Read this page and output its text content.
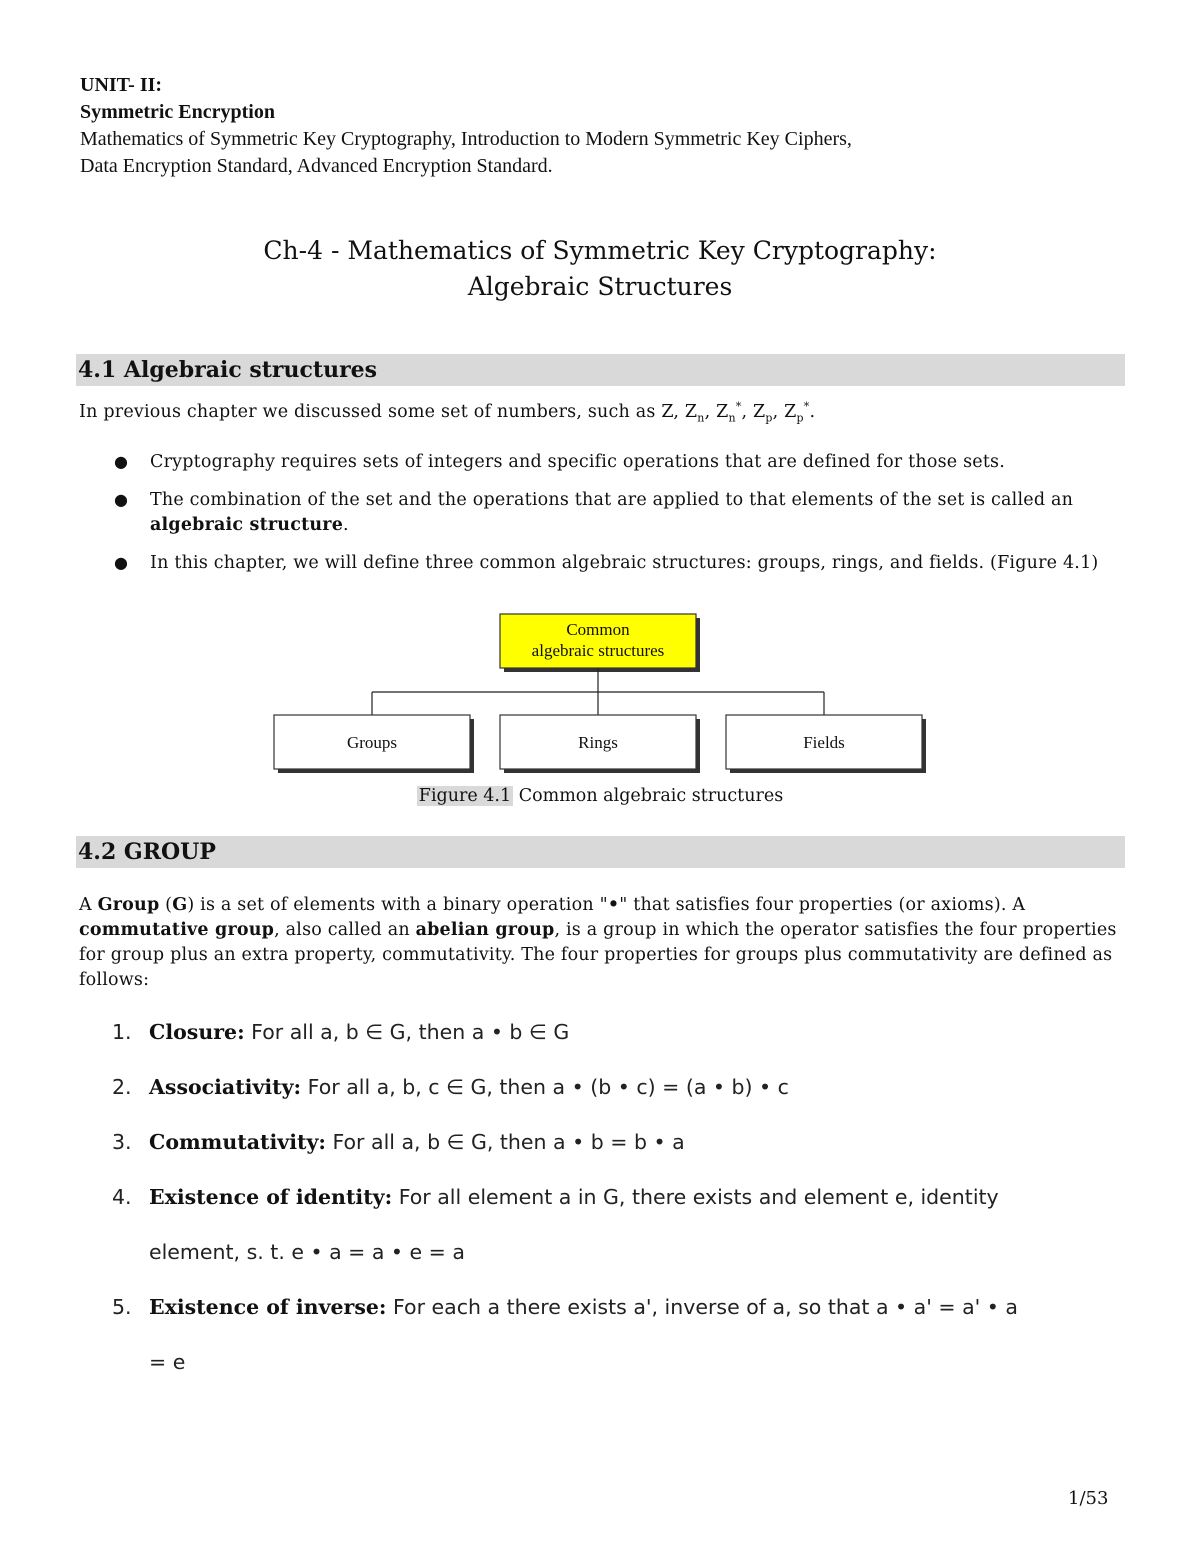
UNIT- II:
Symmetric Encryption
Mathematics of Symmetric Key Cryptography, Introduction to Modern Symmetric Key Ciphers,
Data Encryption Standard, Advanced Encryption Standard.
Ch-4 - Mathematics of Symmetric Key Cryptography:
Algebraic Structures
4.1 Algebraic structures
In previous chapter we discussed some set of numbers, such as Z, $Z_n$, $Z_n^*$, $Z_p$, $Z_p^*$.
● Cryptography requires sets of integers and specific operations that are defined for those sets.
● The combination of the set and the operations that are applied to that elements of the set is called an algebraic structure.
● In this chapter, we will define three common algebraic structures: groups, rings, and fields. (Figure 4.1)
Common
algebraic structures
Groups	Rings	Fields
Figure 4.1 Common algebraic structures
4.2 GROUP
A Group (G) is a set of elements with a binary operation "•" that satisfies four properties (or axioms). A commutative group, also called an abelian group, is a group in which the operator satisfies the four properties for group plus an extra property, commutativity. The four properties for groups plus commutativity are defined as follows:
1. Closure: For all a, b ∈ G, then a • b ∈ G
2. Associativity: For all a, b, c ∈ G, then a • (b • c) = (a • b) • c
3. Commutativity: For all a, b ∈ G, then a • b = b • a
4. Existence of identity: For all element a in G, there exists and element e, identity
element, s. t. e • a = a • e = a
5. Existence of inverse: For each a there exists a', inverse of a, so that a • a' = a' • a
= e
1/53
